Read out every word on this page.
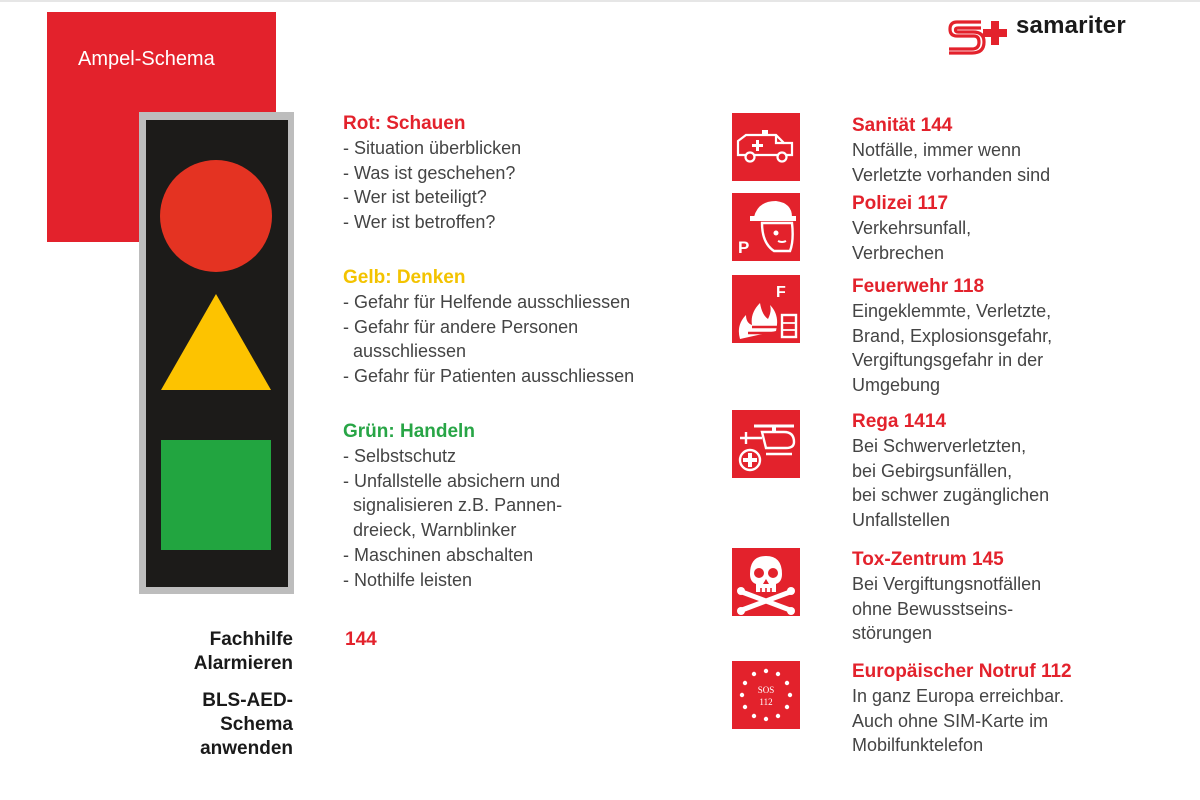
Ampel-Schema
samariter

Rot: Schauen

- Situation überblicken

- Was ist geschehen?

- Wer ist beteiligt?

- Wer ist betroffen?

Gelb: Denken

- Gefahr für Helfende ausschliessen

- Gefahr für andere Personen

ausschliessen

- Gefahr für Patienten ausschliessen

Grün: Handeln

- Selbstschutz

- Unfallstelle absichern und

signalisieren z.B. Pannen-

dreieck, Warnblinker

- Maschinen abschalten

- Nothilfe leisten

Fachhilfe
Alarmieren
144
BLS-AED-
Schema
anwenden
P
F
SOS
112

Sanität 144

Notfälle, immer wenn

Verletzte vorhanden sind

Polizei 117

Verkehrsunfall,

Verbrechen

Feuerwehr 118

Eingeklemmte, Verletzte,

Brand, Explosionsgefahr,

Vergiftungsgefahr in der

Umgebung

Rega 1414

Bei Schwerverletzten,

bei Gebirgsunfällen,

bei schwer zugänglichen

Unfallstellen

Tox-Zentrum 145

Bei Vergiftungsnotfällen

ohne Bewusstseins-

störungen

Europäischer Notruf 112

In ganz Europa erreichbar.

Auch ohne SIM-Karte im

Mobilfunktelefon
